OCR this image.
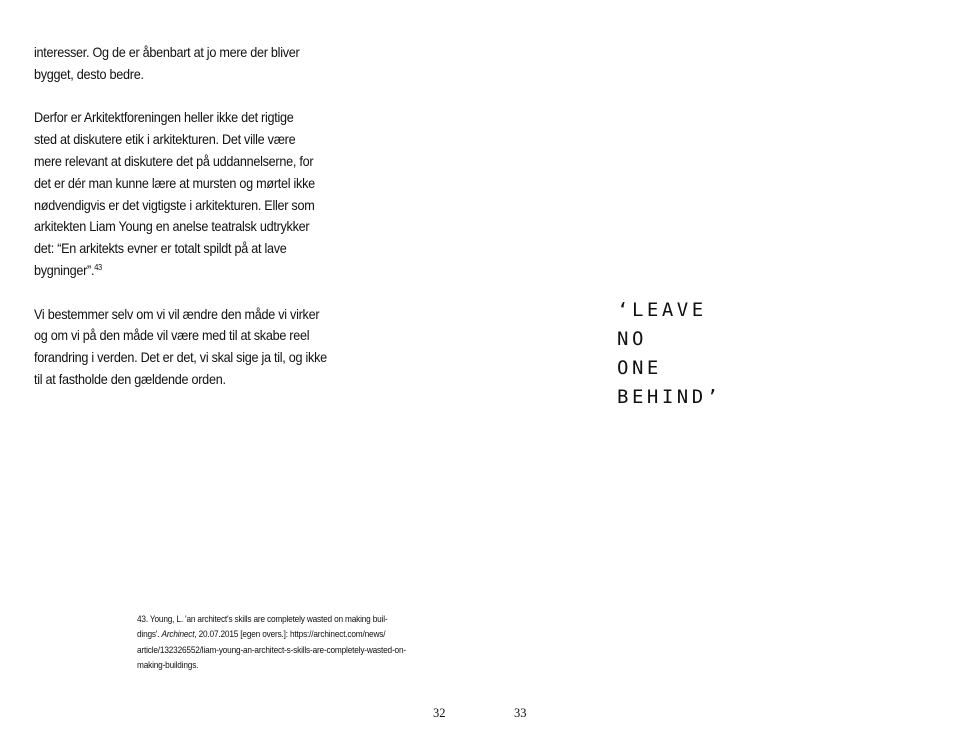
interesser. Og de er åbenbart at jo mere der bliver
bygget, desto bedre.

Derfor er Arkitektforeningen heller ikke det rigtige
sted at diskutere etik i arkitekturen. Det ville være
mere relevant at diskutere det på uddannelserne, for
det er dér man kunne lære at mursten og mørtel ikke
nødvendigvis er det vigtigste i arkitekturen. Eller som
arkitekten Liam Young en anelse teatralsk udtrykker
det: “En arkitekts evner er totalt spildt på at lave
bygninger”.$^{43}$

Vi bestemmer selv om vi vil ændre den måde vi virker
og om vi på den måde vil være med til at skabe reel
forandring i verden. Det er det, vi skal sige ja til, og ikke
til at fastholde den gældende orden.

43. Young, L. 'an architect's skills are completely wasted on making buil-
dings'. Archinect, 20.07.2015 [egen overs.]: https://archinect.com/news/
article/132326552/liam-young-an-architect-s-skills-are-completely-wasted-on-
making-buildings.
32
‘LEAVE
NO
ONE
BEHIND’
33
